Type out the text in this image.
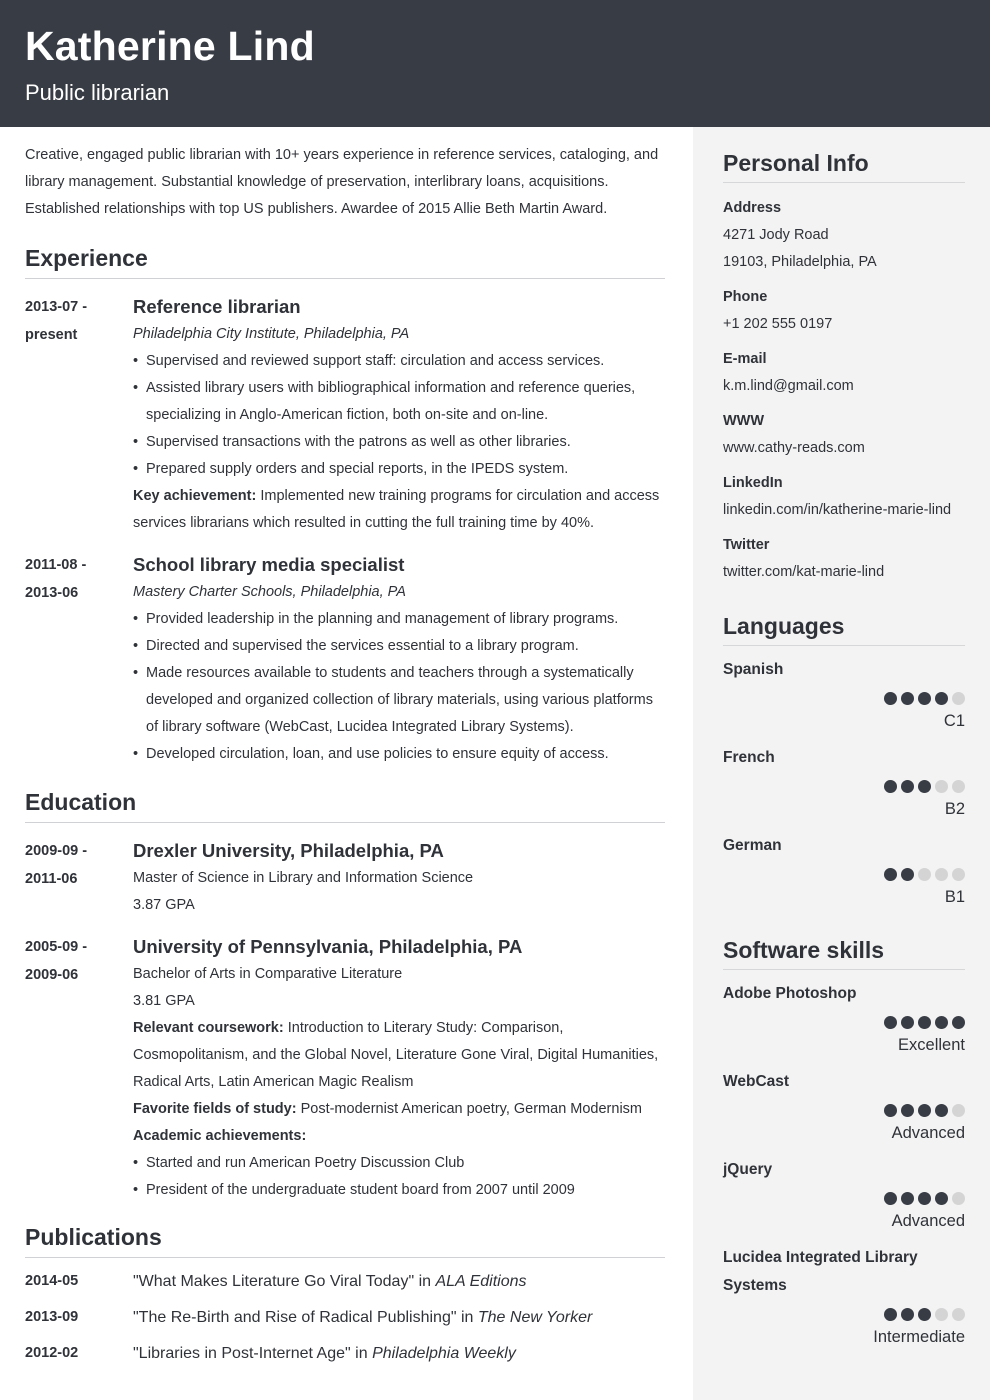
Katherine Lind
Public librarian
Personal Info
Address
4271 Jody Road
19103, Philadelphia, PA
Phone
+1 202 555 0197
E-mail
k.m.lind@gmail.com
WWW
www.cathy-reads.com
LinkedIn
linkedin.com/in/katherine-marie-lind
Twitter
twitter.com/kat-marie-lind
Languages
Spanish
C1
French
B2
German
B1
Software skills
Adobe Photoshop
Excellent
WebCast
Advanced
jQuery
Advanced
Lucidea Integrated Library Systems
Intermediate

Creative, engaged public librarian with 10+ years experience in reference services, cataloging, and library management. Substantial knowledge of preservation, interlibrary loans, acquisitions. Established relationships with top US publishers. Awardee of 2015 Allie Beth Martin Award.

Experience
2013-07 -
present
Reference librarian
Philadelphia City Institute, Philadelphia, PA
• Supervised and reviewed support staff: circulation and access services.
• Assisted library users with bibliographical information and reference queries, specializing in Anglo-American fiction, both on-site and on-line.
• Supervised transactions with the patrons as well as other libraries.
• Prepared supply orders and special reports, in the IPEDS system.
Key achievement: Implemented new training programs for circulation and access services librarians which resulted in cutting the full training time by 40%.
2011-08 -
2013-06
School library media specialist
Mastery Charter Schools, Philadelphia, PA
• Provided leadership in the planning and management of library programs.
• Directed and supervised the services essential to a library program.
• Made resources available to students and teachers through a systematically developed and organized collection of library materials, using various platforms of library software (WebCast, Lucidea Integrated Library Systems).
• Developed circulation, loan, and use policies to ensure equity of access.
Education
2009-09 -
2011-06
Drexler University, Philadelphia, PA
Master of Science in Library and Information Science
3.87 GPA
2005-09 -
2009-06
University of Pennsylvania, Philadelphia, PA
Bachelor of Arts in Comparative Literature
3.81 GPA
Relevant coursework: Introduction to Literary Study: Comparison, Cosmopolitanism, and the Global Novel, Literature Gone Viral, Digital Humanities, Radical Arts, Latin American Magic Realism
Favorite fields of study: Post-modernist American poetry, German Modernism
Academic achievements:
• Started and run American Poetry Discussion Club
• President of the undergraduate student board from 2007 until 2009
Publications
2014-05	"What Makes Literature Go Viral Today" in ALA Editions
2013-09	"The Re-Birth and Rise of Radical Publishing" in The New Yorker
2012-02	"Libraries in Post-Internet Age" in Philadelphia Weekly
